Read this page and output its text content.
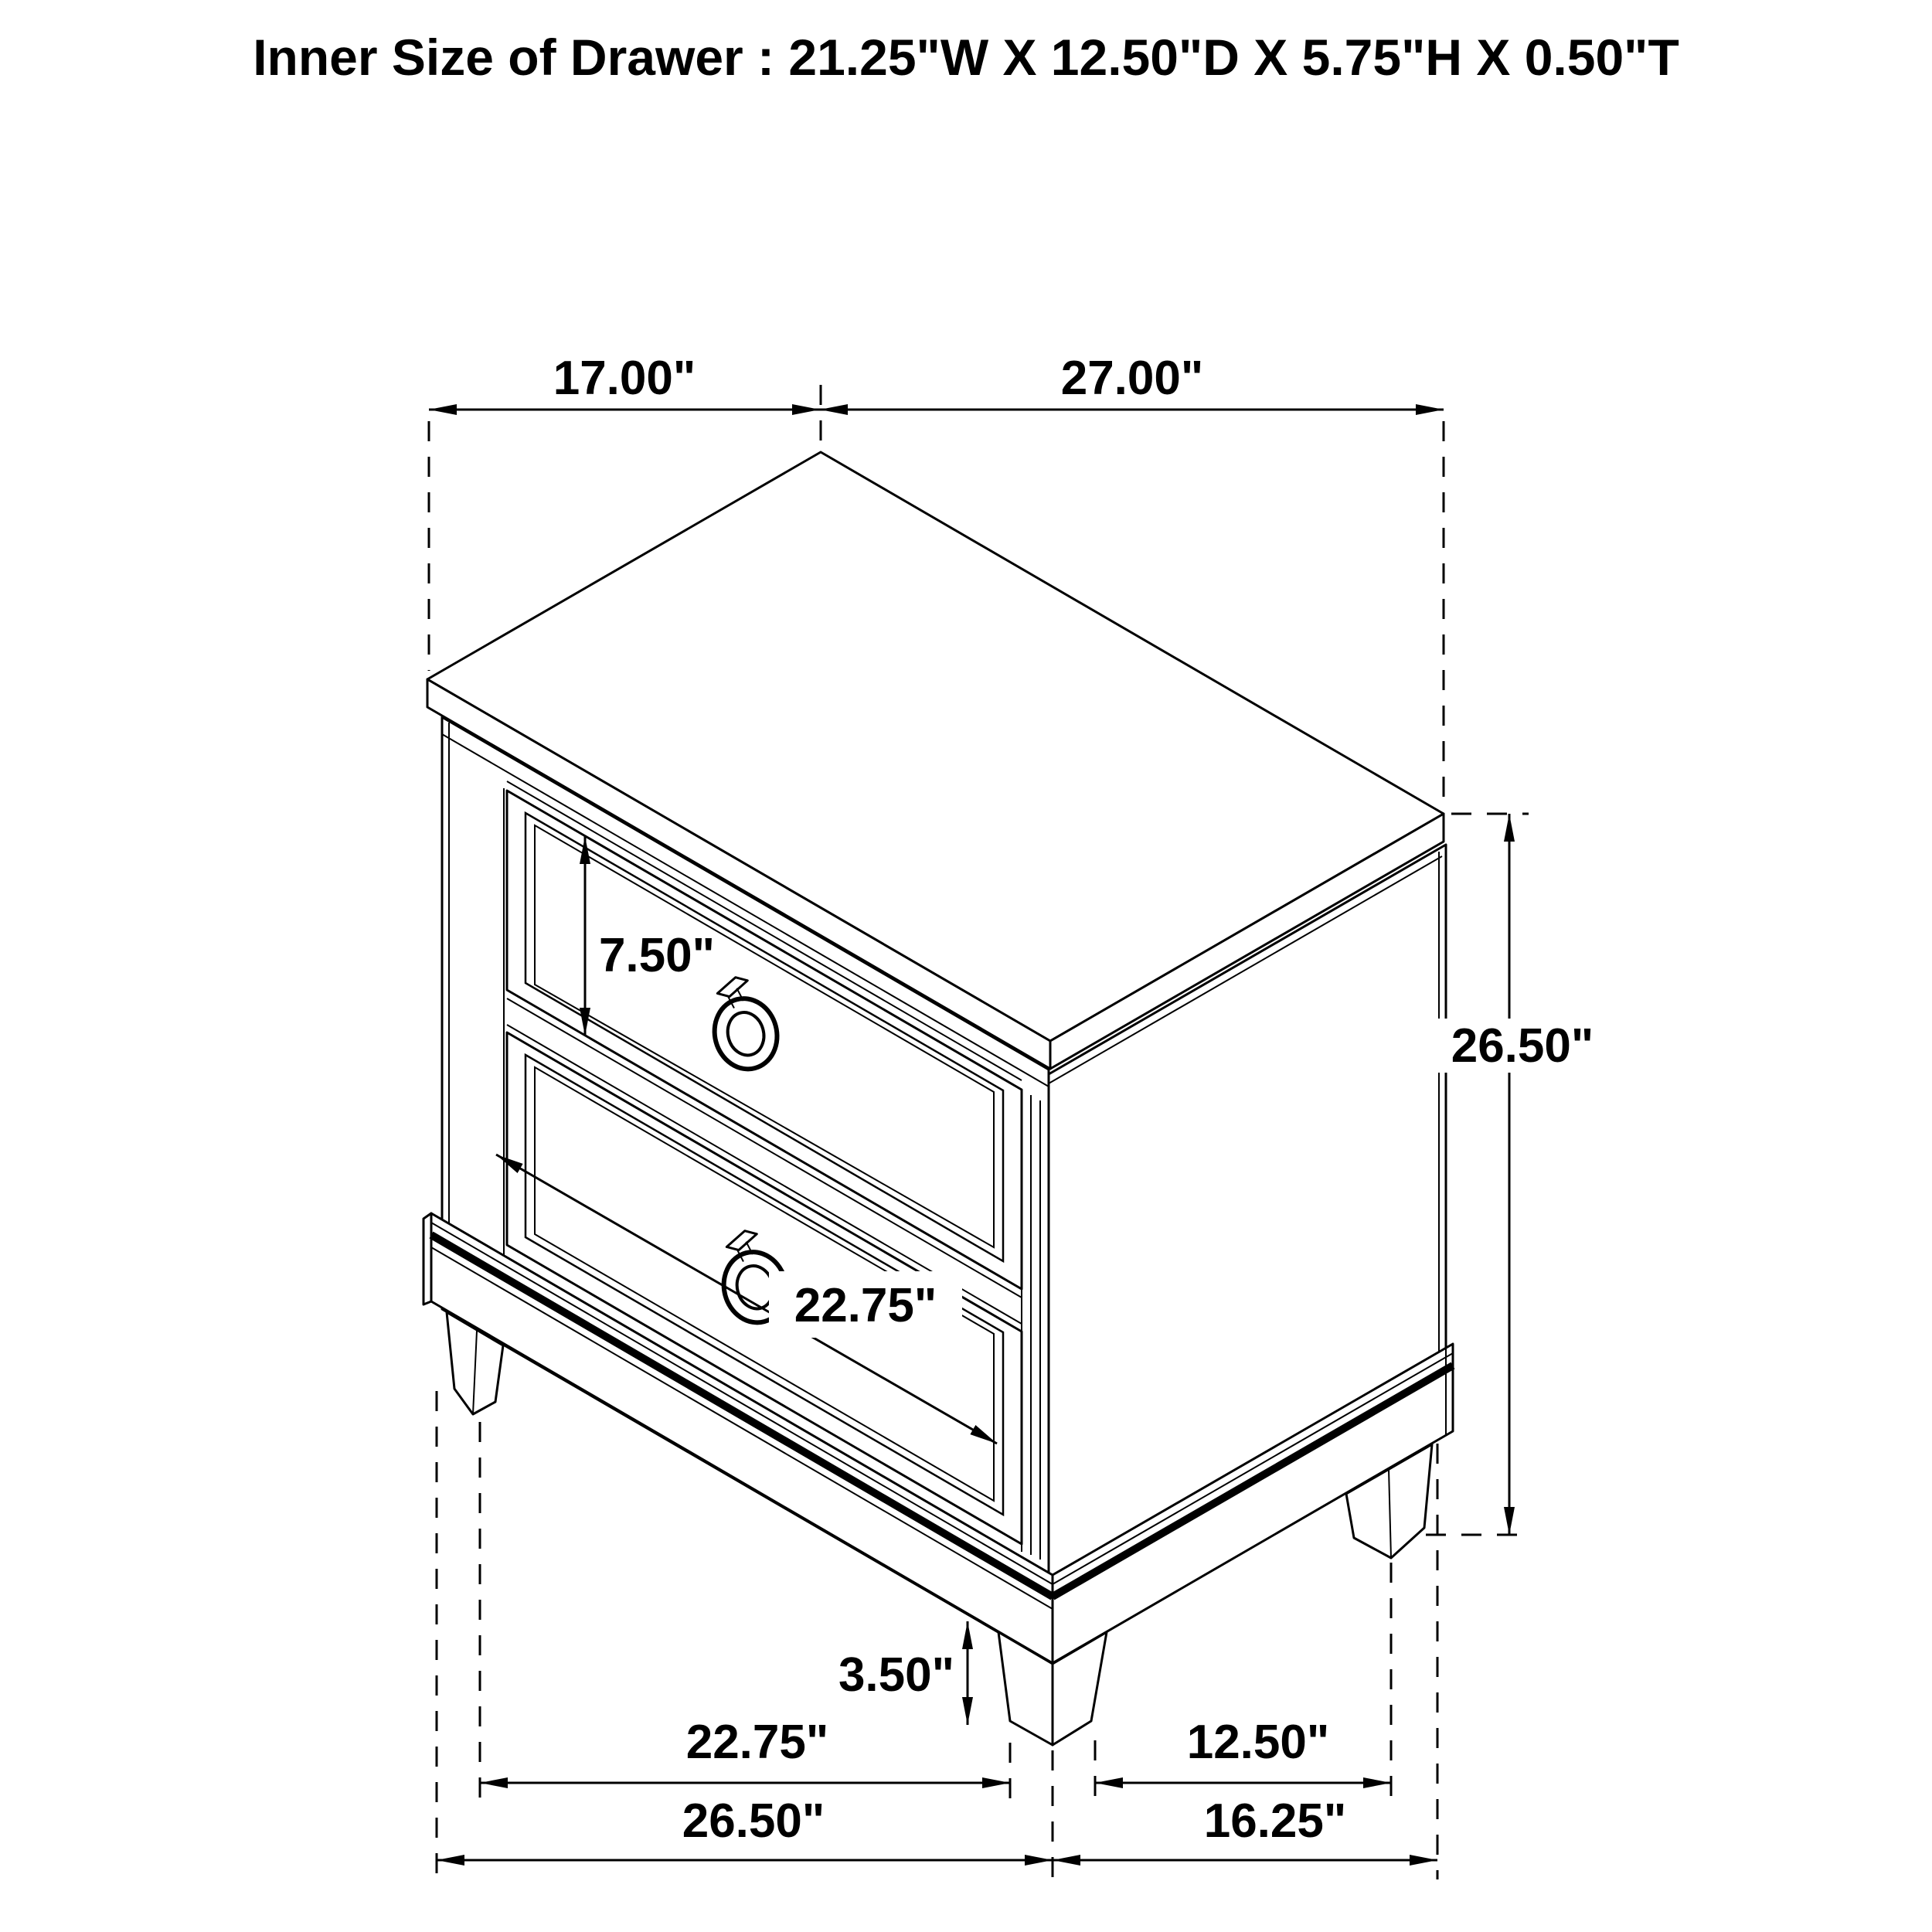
Inner Size of Drawer : 21.25"W X 12.50"D X 5.75"H X 0.50"T
17.00"	27.00"
26.50"
7.50"
22.75"
3.50"
22.75"	12.50"
26.50"	16.25"
